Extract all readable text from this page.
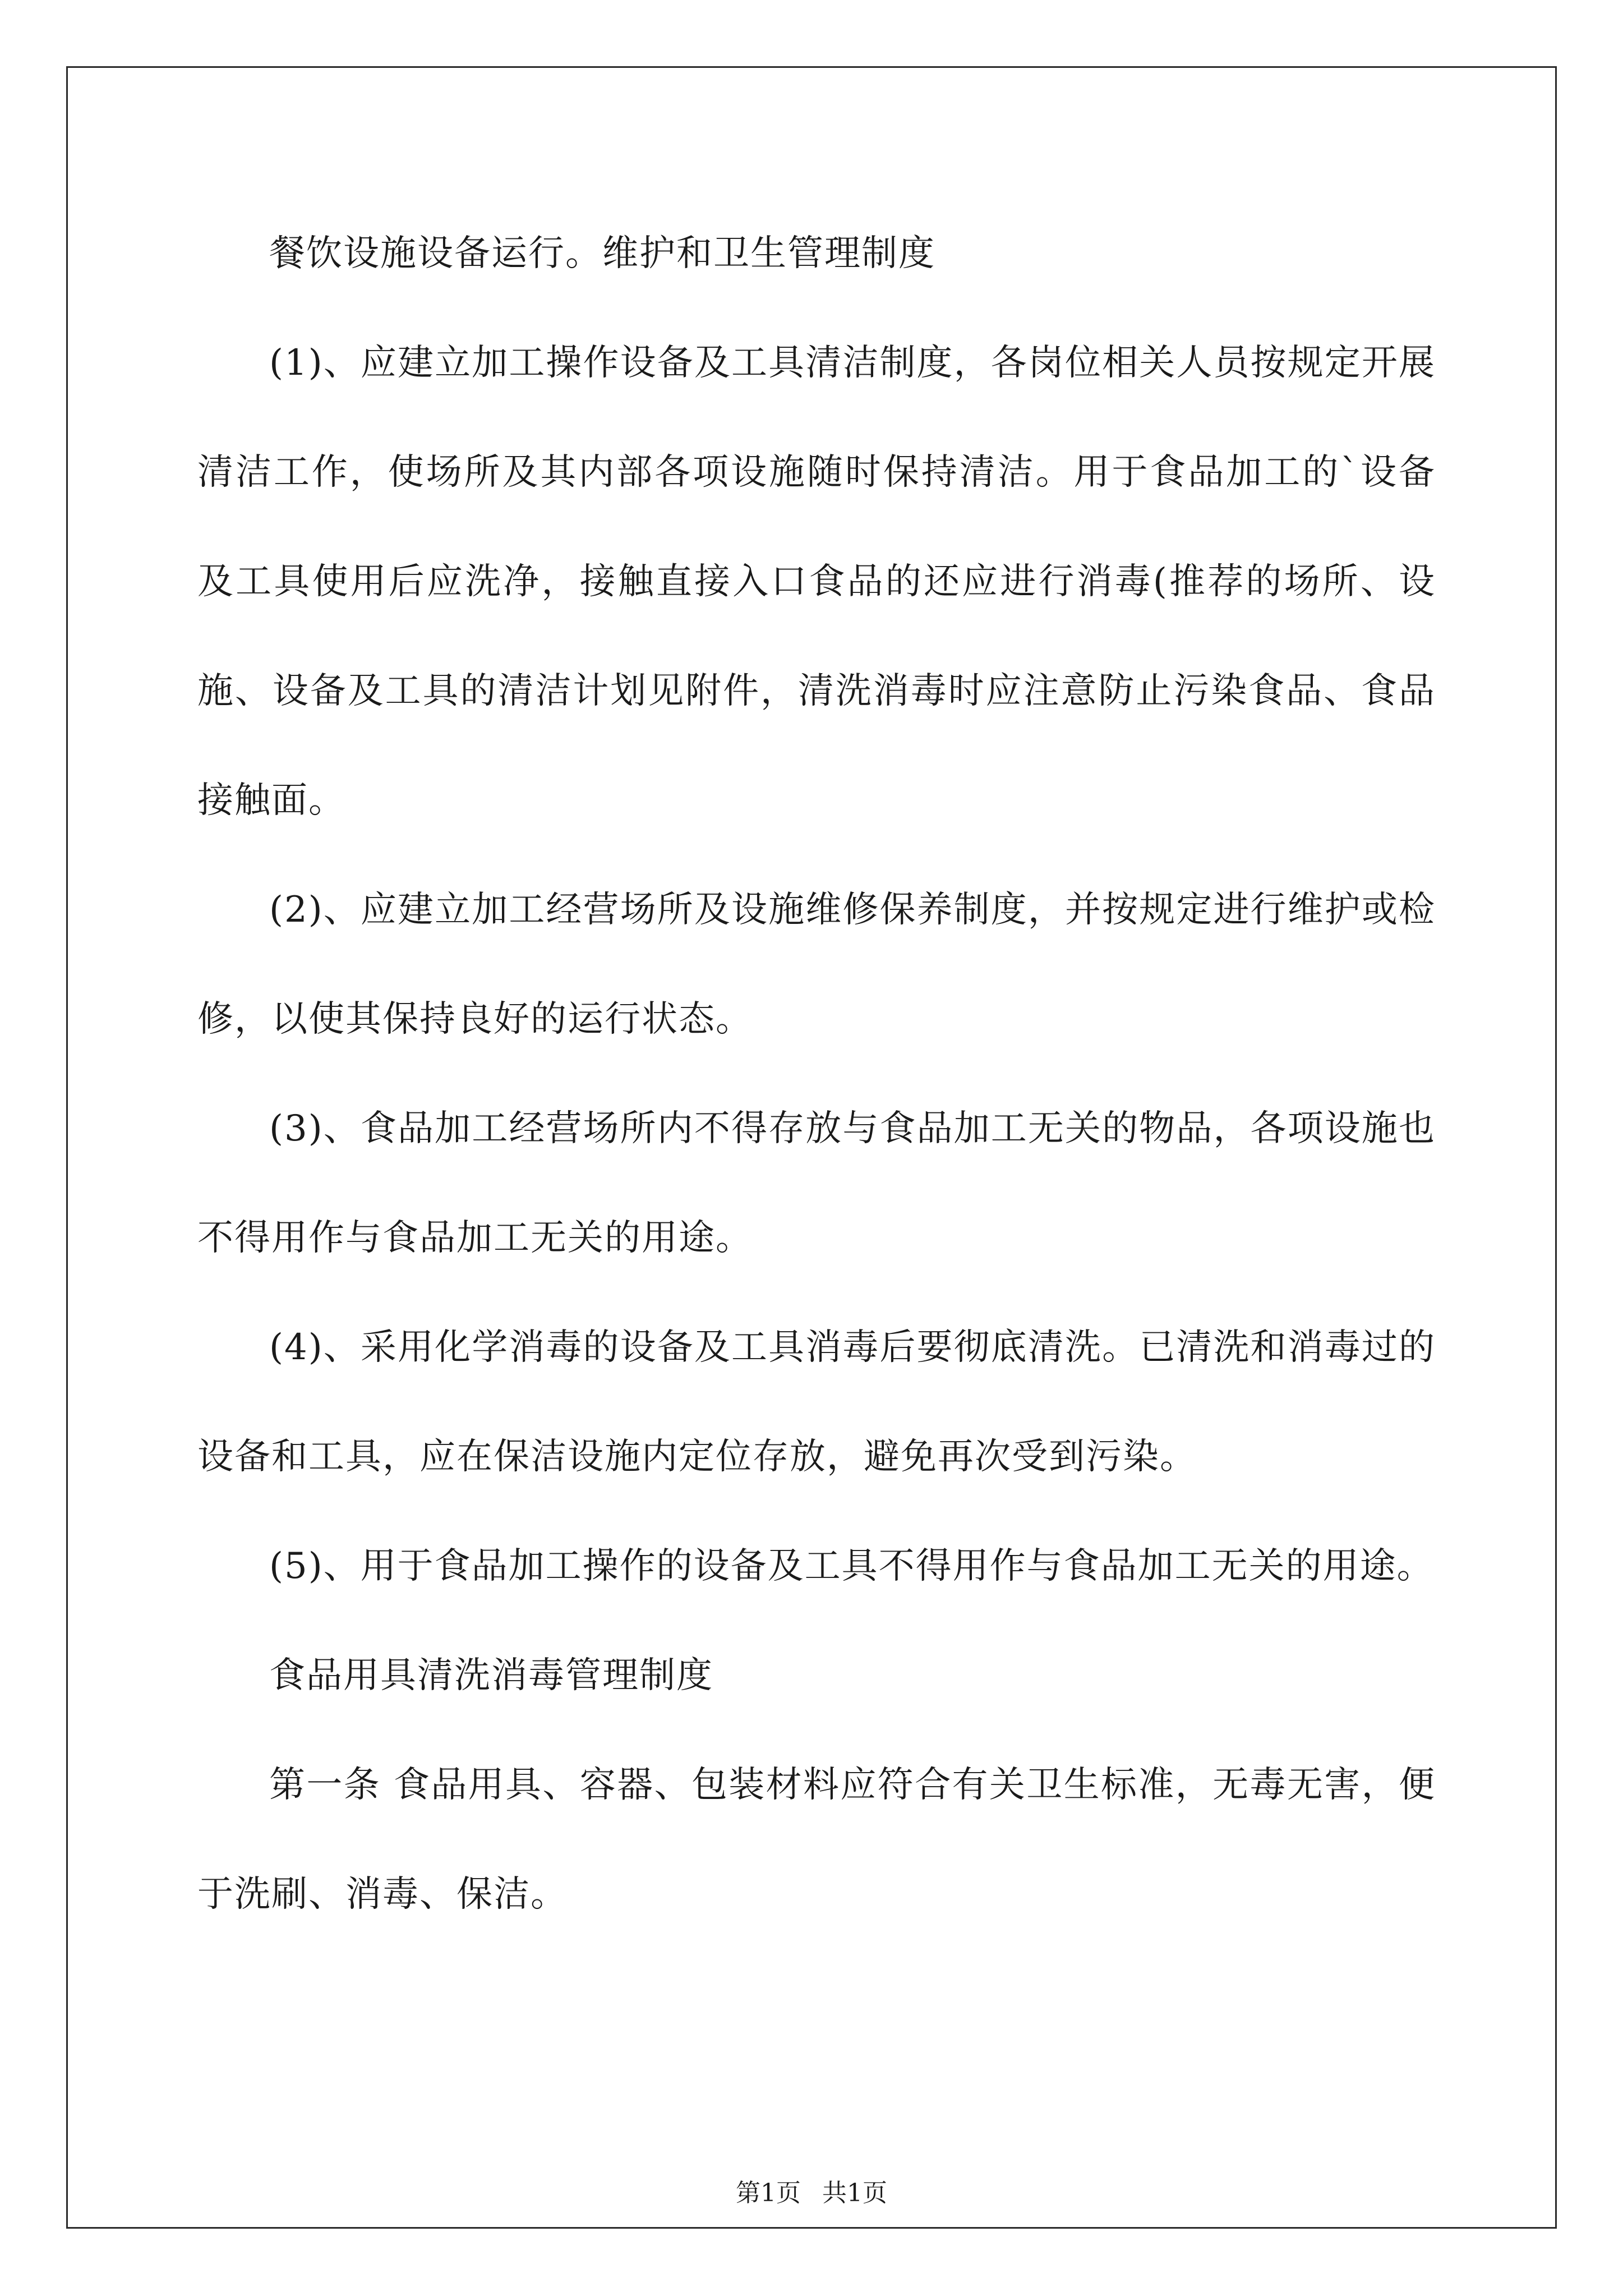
餐饮设施设备运行。维护和卫生管理制度

(1)、应建立加工操作设备及工具清洁制度，各岗位相关人员按规定开展清洁工作，使场所及其内部各项设施随时保持清洁。用于食品加工的`设备及工具使用后应洗净，接触直接入口食品的还应进行消毒(推荐的场所、设施、设备及工具的清洁计划见附件，清洗消毒时应注意防止污染食品、食品接触面。

(2)、应建立加工经营场所及设施维修保养制度，并按规定进行维护或检修，以使其保持良好的运行状态。

(3)、食品加工经营场所内不得存放与食品加工无关的物品，各项设施也不得用作与食品加工无关的用途。

(4)、采用化学消毒的设备及工具消毒后要彻底清洗。已清洗和消毒过的设备和工具，应在保洁设施内定位存放，避免再次受到污染。

(5)、用于食品加工操作的设备及工具不得用作与食品加工无关的用途。

食品用具清洗消毒管理制度

第一条 食品用具、容器、包装材料应符合有关卫生标准，无毒无害，便于洗刷、消毒、保洁。

第1页 共1页
